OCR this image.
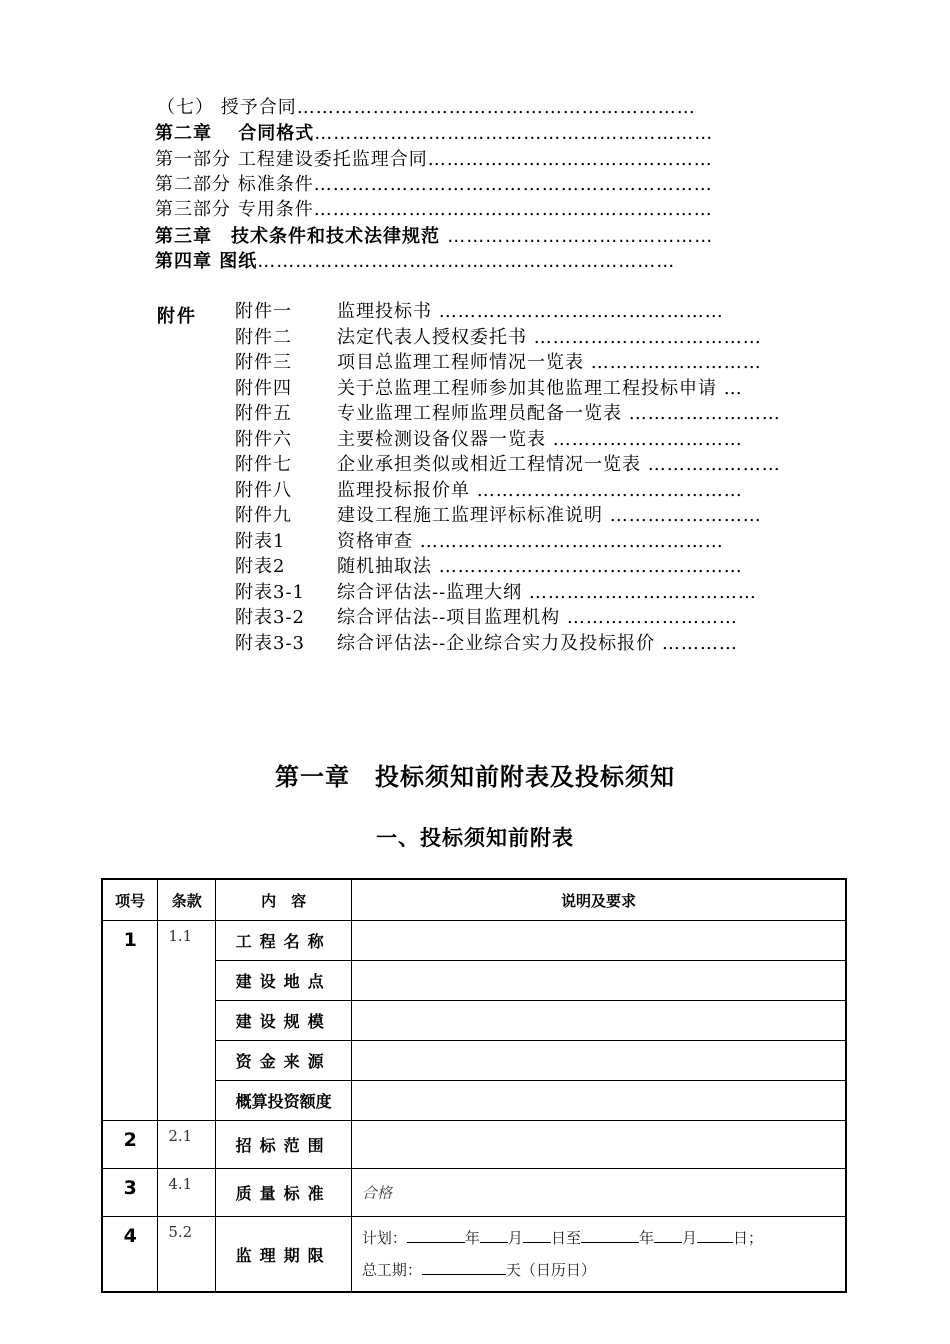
（七） 授予合同………………………………………………………
第二章　 合同格式………………………………………………………
第一部分 工程建设委托监理合同………………………………………
第二部分 标准条件………………………………………………………
第三部分 专用条件………………………………………………………
第三章　技术条件和技术法律规范 ……………………………………
第四章 图纸…………………………………………………………
附件 附件一	监理投标书 ………………………………………
附件二	法定代表人授权委托书 ………………………………
附件三	项目总监理工程师情况一览表 ………………………
附件四	关于总监理工程师参加其他监理工程投标申请 …
附件五	专业监理工程师监理员配备一览表 ……………………
附件六	主要检测设备仪器一览表 …………………………
附件七	企业承担类似或相近工程情况一览表 …………………
附件八	监理投标报价单 ……………………………………
附件九	建设工程施工监理评标标准说明 ……………………
附表1	资格审查 …………………………………………
附表2	随机抽取法 …………………………………………
附表3-1 综合评估法--监理大纲 ………………………………
附表3-2 综合评估法--项目监理机构 ………………………
附表3-3 综合评估法--企业综合实力及投标报价 …………
第一章　投标须知前附表及投标须知
一、投标须知前附表
项号	条款	内　容	说明及要求
1	1.1	工程名称	
		建设地点	
		建设规模	
		资金来源	
		概算投资额度	
2	2.1	招标范围	
3	4.1	质量标准	合格
4	5.2	监理期限	计划： 年 月 日至 年 月 日；
总工期： 天（日历日）
